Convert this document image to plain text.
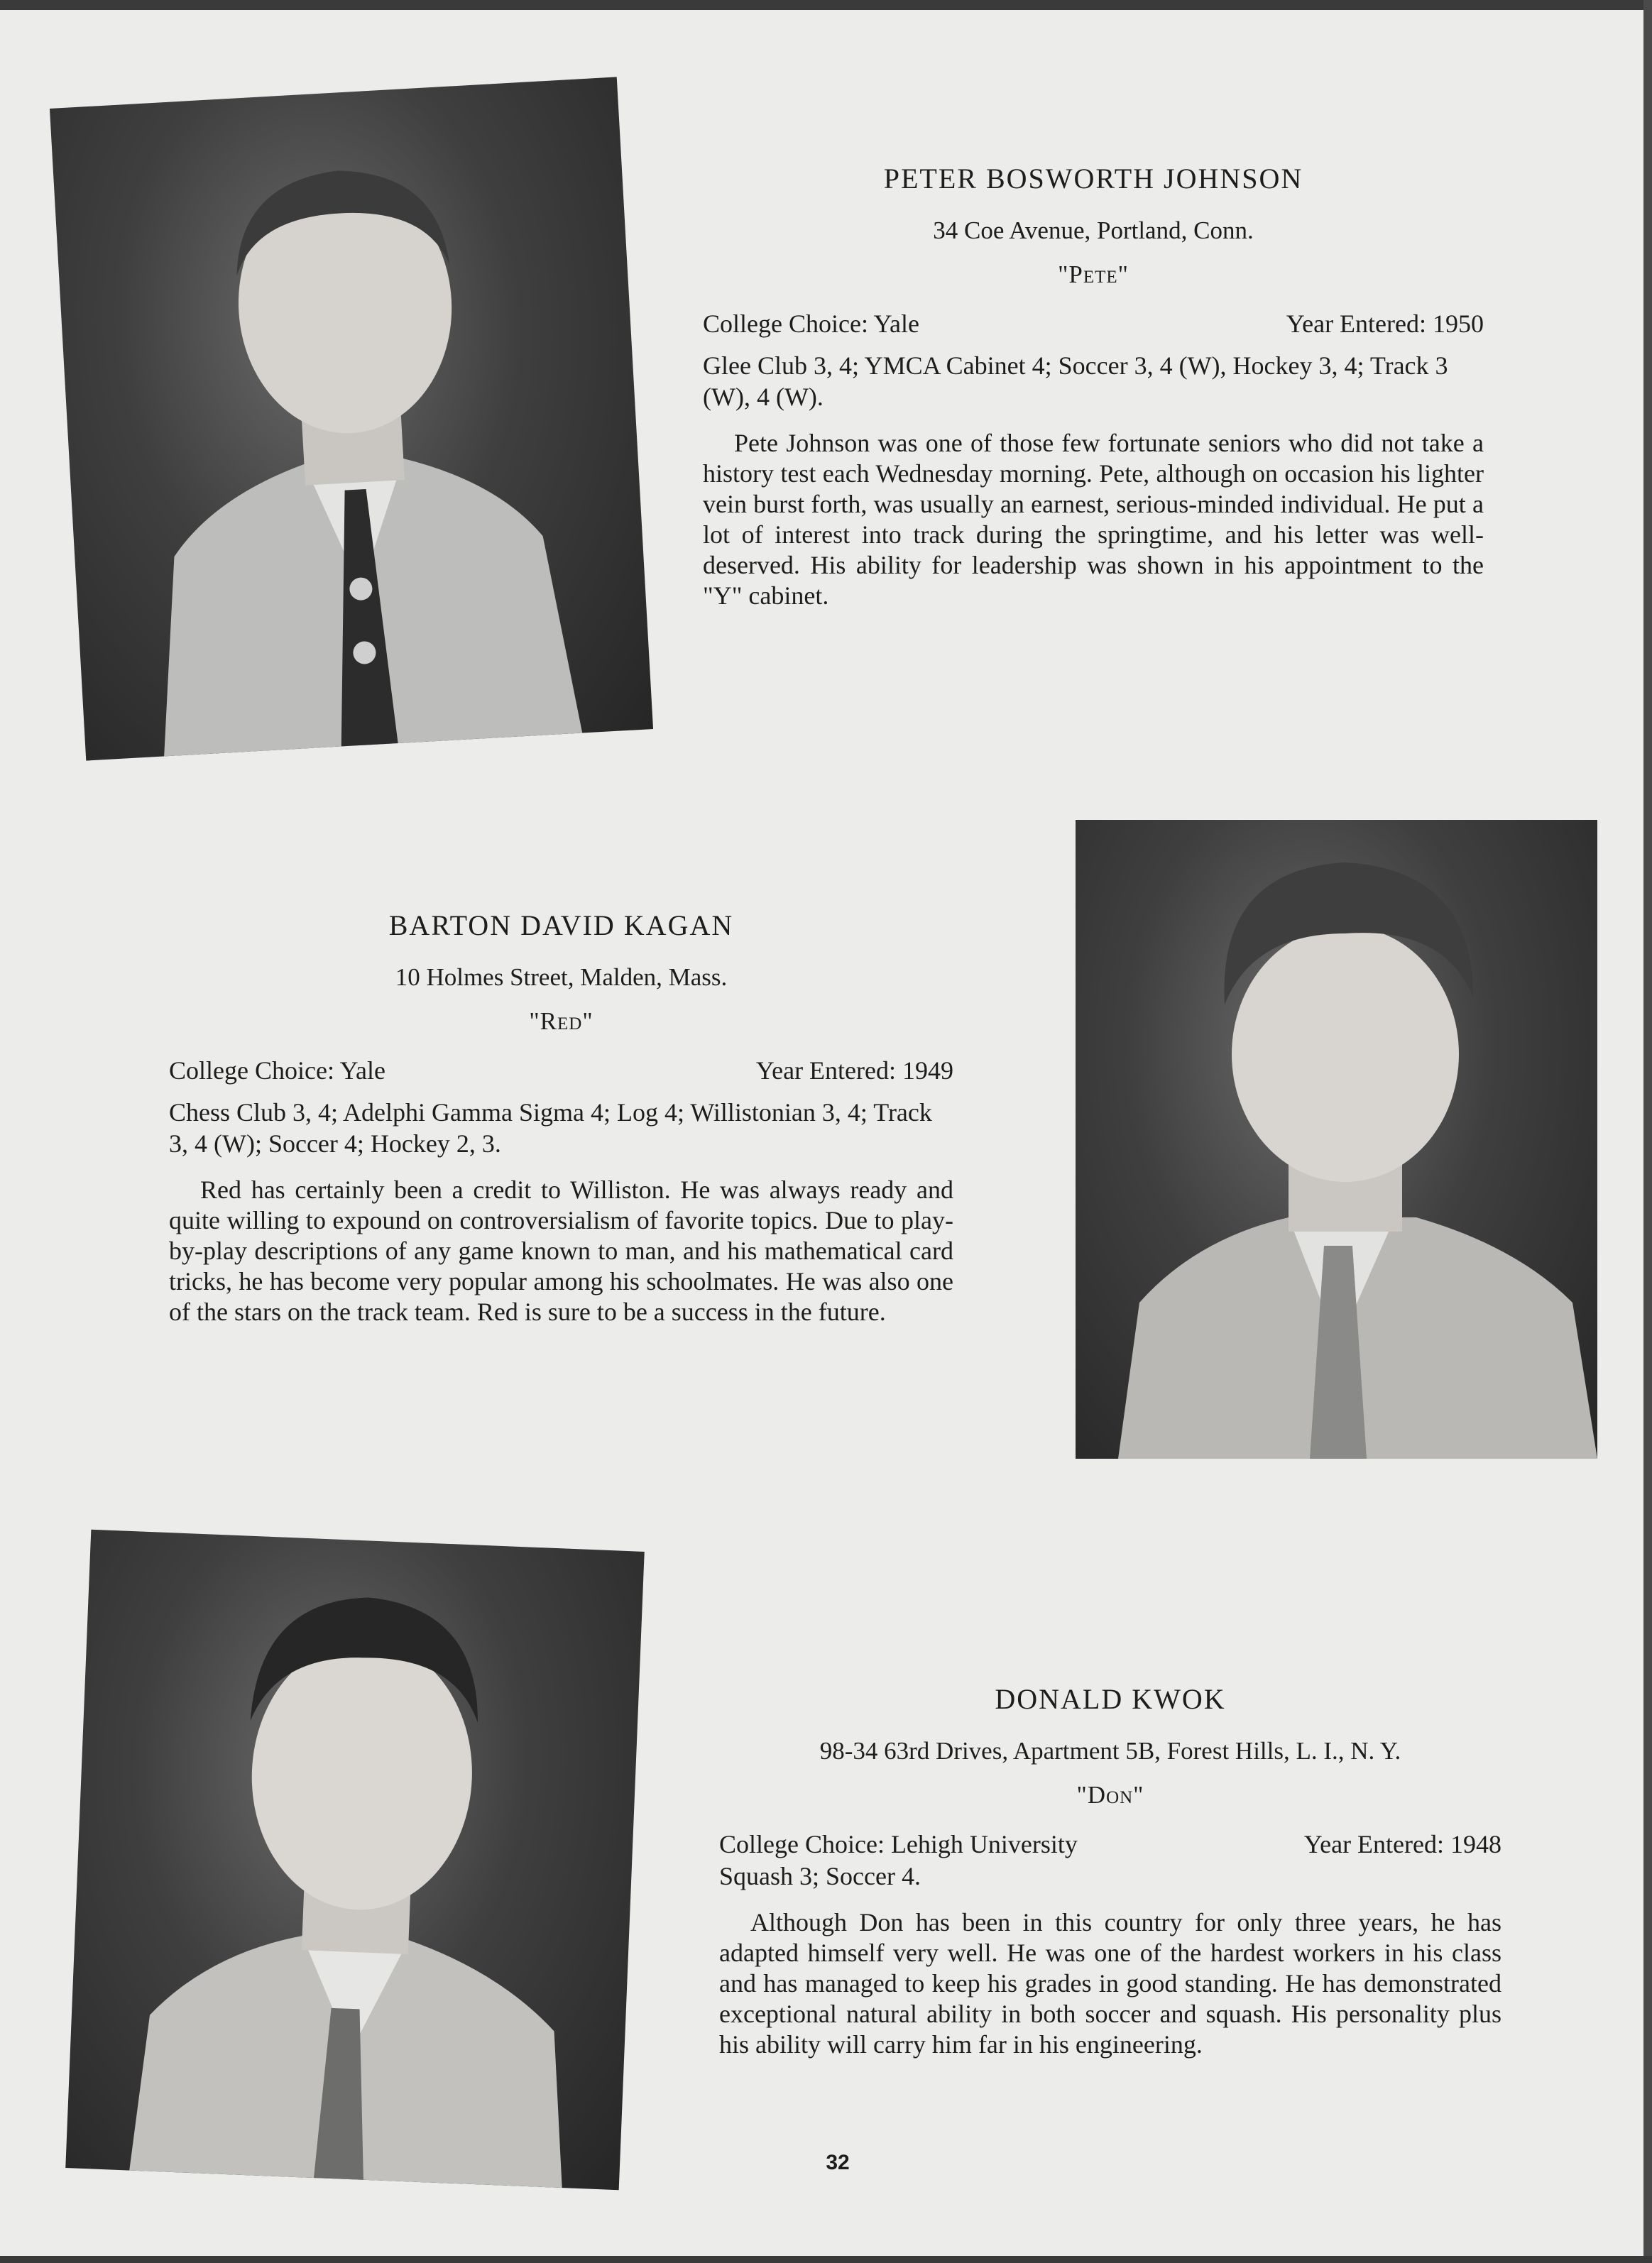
PETER BOSWORTH JOHNSON
34 Coe Avenue, Portland, Conn.
"Pete"
College Choice: Yale	Year Entered: 1950
Glee Club 3, 4; YMCA Cabinet 4; Soccer 3, 4 (W), Hockey 3, 4; Track 3 (W), 4 (W).
Pete Johnson was one of those few fortunate seniors who did not take a history test each Wednesday morning. Pete, although on occasion his lighter vein burst forth, was usually an earnest, serious-minded individual. He put a lot of interest into track during the springtime, and his letter was well-deserved. His ability for leadership was shown in his appointment to the "Y" cabinet.
BARTON DAVID KAGAN
10 Holmes Street, Malden, Mass.
"Red"
College Choice: Yale	Year Entered: 1949
Chess Club 3, 4; Adelphi Gamma Sigma 4; Log 4; Willistonian 3, 4; Track 3, 4 (W); Soccer 4; Hockey 2, 3.
Red has certainly been a credit to Williston. He was always ready and quite willing to expound on controversialism of favorite topics. Due to play-by-play descriptions of any game known to man, and his mathematical card tricks, he has become very popular among his schoolmates. He was also one of the stars on the track team. Red is sure to be a success in the future.
DONALD KWOK
98-34 63rd Drives, Apartment 5B, Forest Hills, L. I., N. Y.
"Don"
College Choice: Lehigh University	Year Entered: 1948
Squash 3; Soccer 4.
Although Don has been in this country for only three years, he has adapted himself very well. He was one of the hardest workers in his class and has managed to keep his grades in good standing. He has demonstrated exceptional natural ability in both soccer and squash. His personality plus his ability will carry him far in his engineering.
32
